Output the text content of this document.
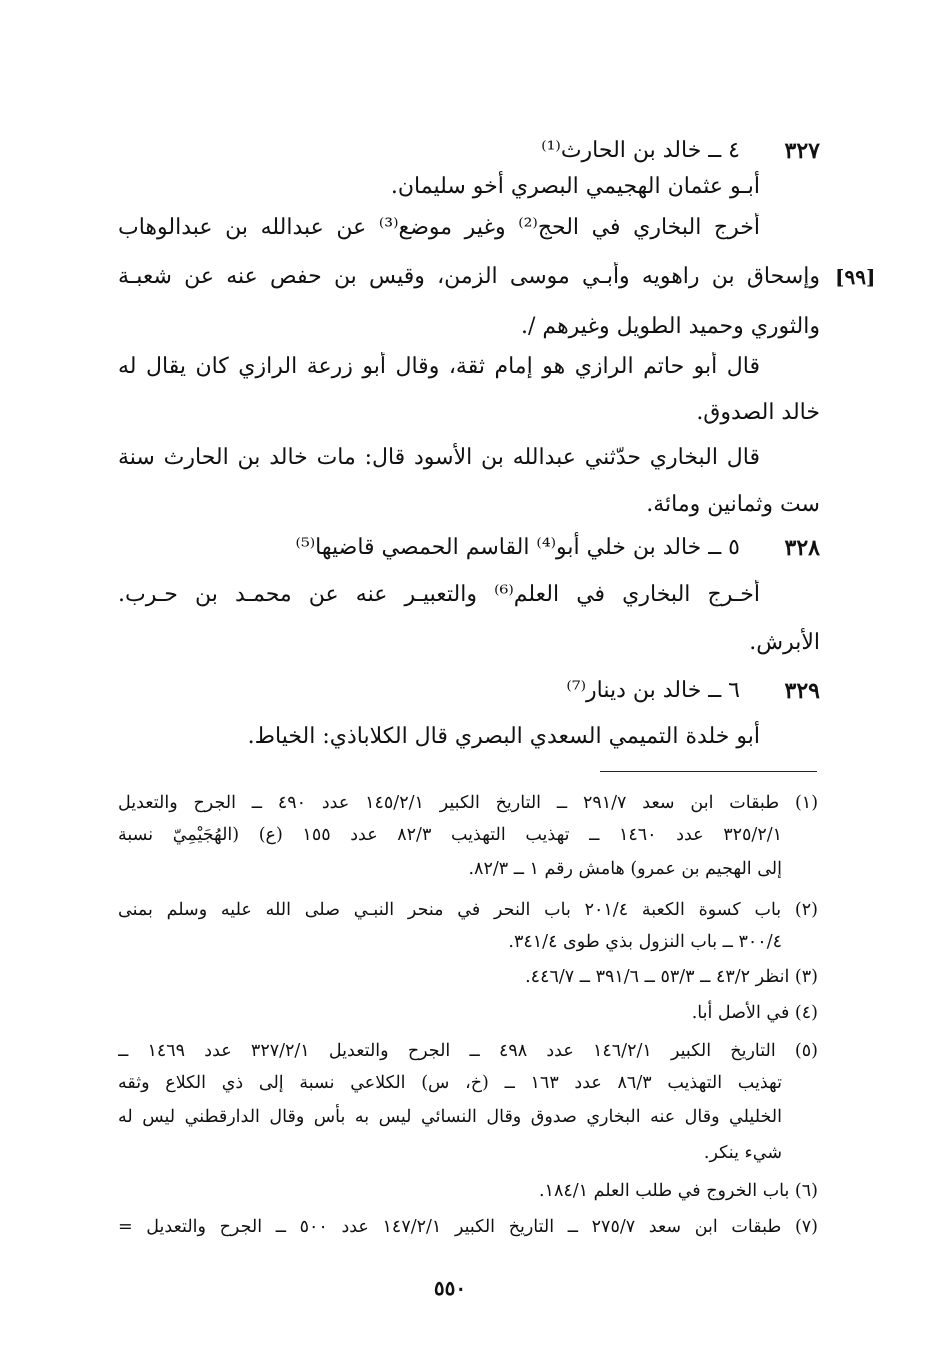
٣٢٧
٤ ــ خالد بن الحارث⁽¹⁾
أبـو عثمان الهجيمي البصري أخو سليمان.
أخرج البخاري في الحج⁽²⁾ وغير موضع⁽³⁾ عن عبدالله بن عبدالوهاب
[٩٩]
وإسحاق بن راهويه وأبـي موسى الزمن، وقيس بن حفص عنه عن شعبـة
والثوري وحميد الطويل وغيرهم /.
قال أبو حاتم الرازي هو إمام ثقة، وقال أبو زرعة الرازي كان يقال له
خالد الصدوق.
قال البخاري حدّثني عبدالله بن الأسود قال: مات خالد بن الحارث سنة
ست وثمانين ومائة.
٣٢٨
٥ ــ خالد بن خلي أبو⁽⁴⁾ القاسم الحمصي قاضيها⁽⁵⁾
أخـرج البخاري في العلم⁽⁶⁾ والتعبيـر عنه عن محمـد بن حـرب.
الأبرش.
٣٢٩
٦ ــ خالد بن دينار⁽⁷⁾
أبو خلدة التميمي السعدي البصري قال الكلاباذي: الخياط.
(١) طبقات ابن سعد ٢٩١/٧ ــ التاريخ الكبير ١٤٥/٢/١ عدد ٤٩٠ ــ الجرح والتعديل
٣٢٥/٢/١ عدد ١٤٦٠ ــ تهذيب التهذيب ٨٢/٣ عدد ١٥٥ (ع) (الهُجَيْمِيّ نسبة
إلى الهجيم بن عمرو) هامش رقم ١ ــ ٨٢/٣.
(٢) باب كسوة الكعبة ٢٠١/٤ باب النحر في منحر النبـي صلى الله عليه وسلم بمنى
٣٠٠/٤ ــ باب النزول بذي طوى ٣٤١/٤.
(٣) انظر ٤٣/٢ ــ ٥٣/٣ ــ ٣٩١/٦ ــ ٤٤٦/٧.
(٤) في الأصل أبا.
(٥) التاريخ الكبير ١٤٦/٢/١ عدد ٤٩٨ ــ الجرح والتعديل ٣٢٧/٢/١ عدد ١٤٦٩ ــ
تهذيب التهذيب ٨٦/٣ عدد ١٦٣ ــ (خ، س) الكلاعي نسبة إلى ذي الكلاع وثقه
الخليلي وقال عنه البخاري صدوق وقال النسائي ليس به بأس وقال الدارقطني ليس له
شيء ينكر.
(٦) باب الخروج في طلب العلم ١٨٤/١.
(٧) طبقات ابن سعد ٢٧٥/٧ ــ التاريخ الكبير ١٤٧/٢/١ عدد ٥٠٠ ــ الجرح والتعديل =
٥٥٠
